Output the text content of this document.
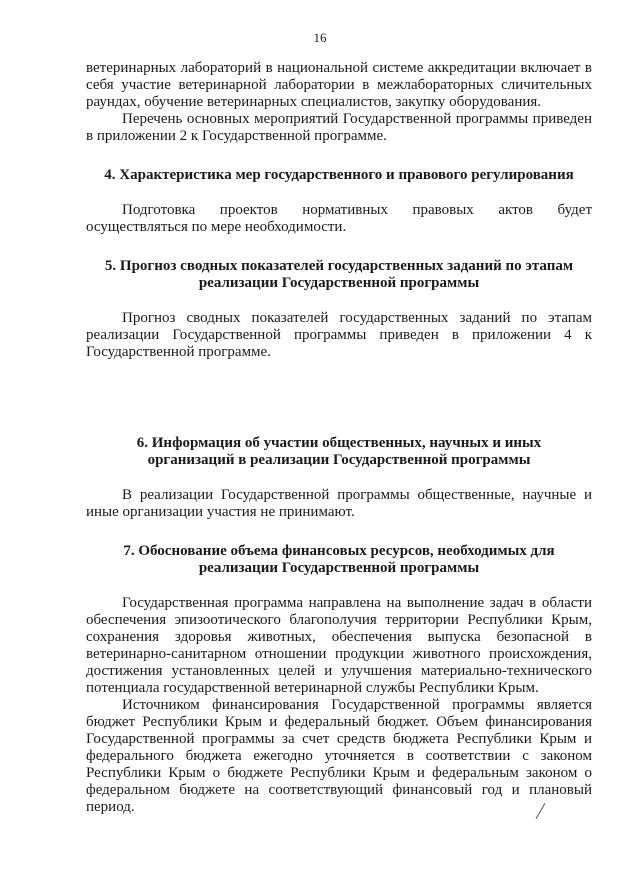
16

ветеринарных лабораторий в национальной системе аккредитации включает в себя участие ветеринарной лаборатории в межлабораторных сличительных раундах, обучение ветеринарных специалистов, закупку оборудования.

Перечень основных мероприятий Государственной программы приведен в приложении 2 к Государственной программе.

4. Характеристика мер государственного и правового регулирования

Подготовка проектов нормативных правовых актов будет осуществляться по мере необходимости.

5. Прогноз сводных показателей государственных заданий по этапам
реализации Государственной программы

Прогноз сводных показателей государственных заданий по этапам реализации Государственной программы приведен в приложении 4 к Государственной программе.

6. Информация об участии общественных, научных и иных
организаций в реализации Государственной программы

В реализации Государственной программы общественные, научные и иные организации участия не принимают.

7. Обоснование объема финансовых ресурсов, необходимых для
реализации Государственной программы

Государственная программа направлена на выполнение задач в области обеспечения эпизоотического благополучия территории Республики Крым, сохранения здоровья животных, обеспечения выпуска безопасной в ветеринарно-санитарном отношении продукции животного происхождения, достижения установленных целей и улучшения материально-технического потенциала государственной ветеринарной службы Республики Крым.

Источником финансирования Государственной программы является бюджет Республики Крым и федеральный бюджет. Объем финансирования Государственной программы за счет средств бюджета Республики Крым и федерального бюджета ежегодно уточняется в соответствии с законом Республики Крым о бюджете Республики Крым и федеральным законом о федеральном бюджете на соответствующий финансовый год и плановый период.
